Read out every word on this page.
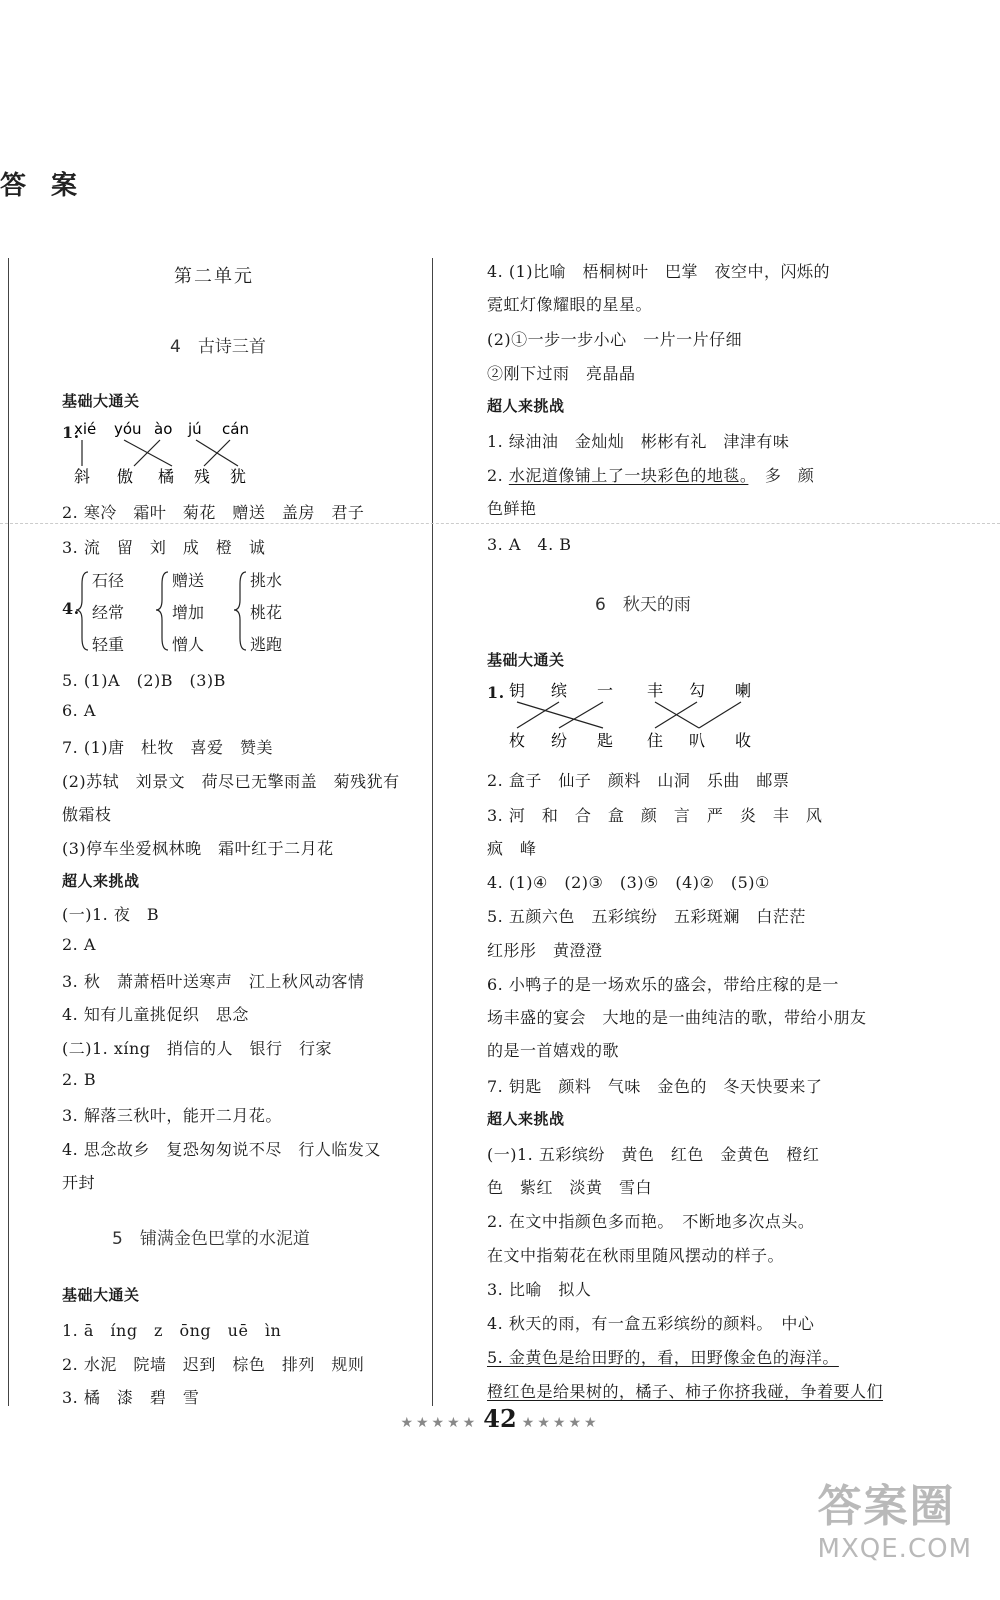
答 案
第二单元
4　古诗三首
基础大通关
1.
xié yóu ào jú cán
斜 傲 橘 残 犹
2. 寒冷　霜叶　菊花　赠送　盖房　君子
3. 流　留　刘　成　橙　诚
4.
石径
经常
轻重
赠送
增加
憎人
挑水
桃花
逃跑
5. (1)A　(2)B　(3)B
6. A
7. (1)唐　杜牧　喜爱　赞美
(2)苏轼　刘景文　荷尽已无擎雨盖　菊残犹有
傲霜枝
(3)停车坐爱枫林晚　霜叶红于二月花
超人来挑战
(一)1. 夜　B
2. A
3. 秋　萧萧梧叶送寒声　江上秋风动客情
4. 知有儿童挑促织　思念
(二)1. xíng　捎信的人　银行　行家
2. B
3. 解落三秋叶，能开二月花。
4. 思念故乡　复恐匆匆说不尽　行人临发又
开封
5　铺满金色巴掌的水泥道
基础大通关
1. ā　íng　z　ōng　uē　ìn
2. 水泥　院墙　迟到　棕色　排列　规则
3. 橘　漆　碧　雪
4. (1)比喻　梧桐树叶　巴掌　夜空中，闪烁的
霓虹灯像耀眼的星星。
(2)①一步一步小心　一片一片仔细
②刚下过雨　亮晶晶
超人来挑战
1. 绿油油　金灿灿　彬彬有礼　津津有味
2. 水泥道像铺上了一块彩色的地毯。　多　颜
色鲜艳
3. A　4. B
6　秋天的雨
基础大通关
1. 钥 缤 一 丰 勾 喇
枚 纷 匙 住 叭 收
2. 盒子　仙子　颜料　山洞　乐曲　邮票
3. 河　和　合　盒　颜　言　严　炎　丰　风
疯　峰
4. (1)④　(2)③　(3)⑤　(4)②　(5)①
5. 五颜六色　五彩缤纷　五彩斑斓　白茫茫
红彤彤　黄澄澄
6. 小鸭子的是一场欢乐的盛会，带给庄稼的是一
场丰盛的宴会　大地的是一曲纯洁的歌，带给小朋友
的是一首嬉戏的歌
7. 钥匙　颜料　气味　金色的　冬天快要来了
超人来挑战
(一)1. 五彩缤纷　黄色　红色　金黄色　橙红
色　紫红　淡黄　雪白
2. 在文中指颜色多而艳。　不断地多次点头。
在文中指菊花在秋雨里随风摆动的样子。
3. 比喻　拟人
4. 秋天的雨，有一盒五彩缤纷的颜料。　中心
5. 金黄色是给田野的，看，田野像金色的海洋。
橙红色是给果树的，橘子、柿子你挤我碰，争着要人们
★★★★★ 42 ★★★★★
答案圈
MXQE.COM
